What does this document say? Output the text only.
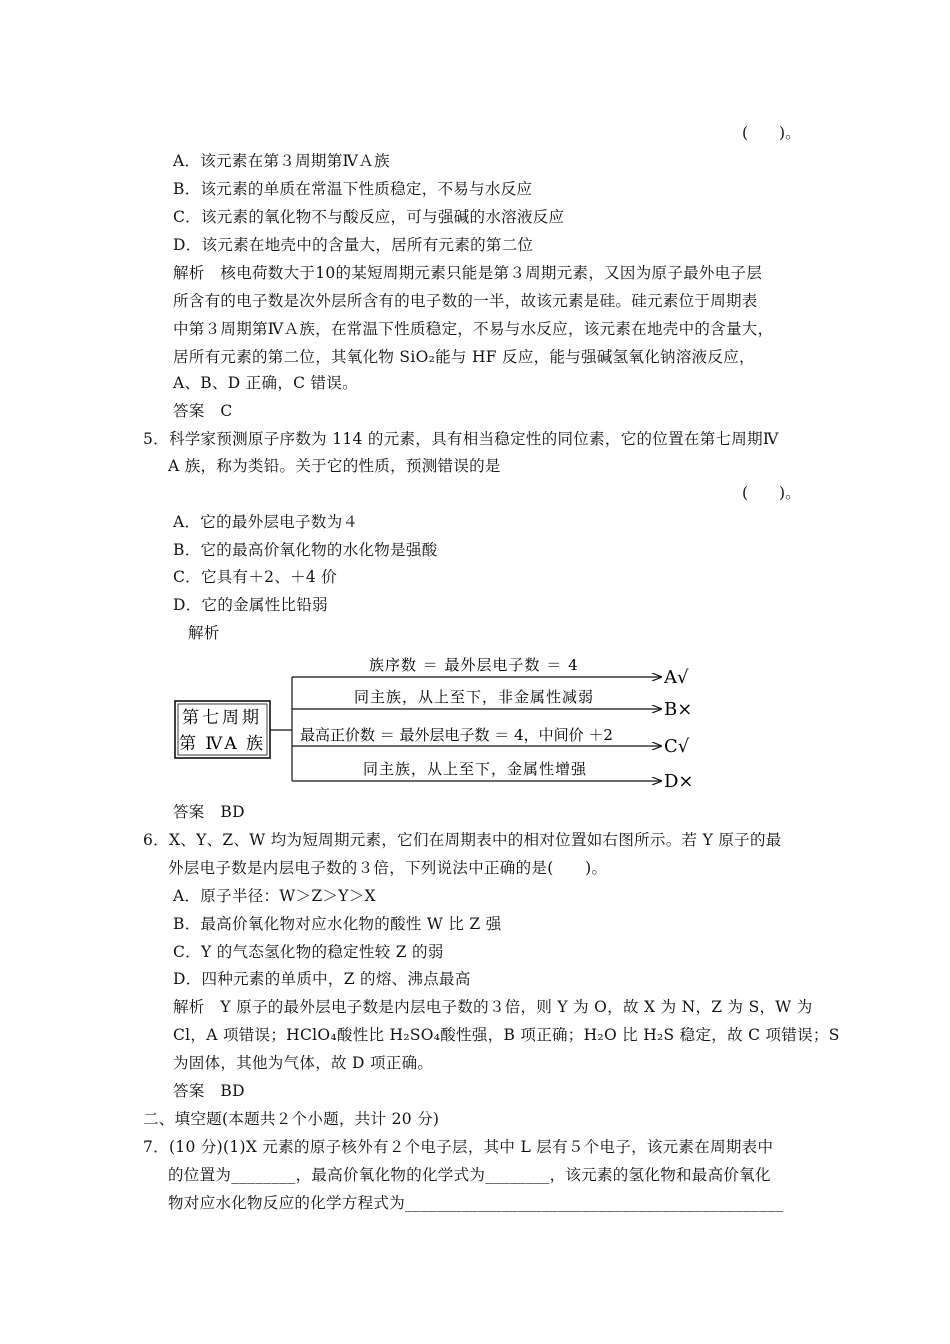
(　　)。
A．该元素在第３周期第ⅣＡ族
B．该元素的单质在常温下性质稳定，不易与水反应
C．该元素的氧化物不与酸反应，可与强碱的水溶液反应
D．该元素在地壳中的含量大，居所有元素的第二位
解析　核电荷数大于10的某短周期元素只能是第３周期元素，又因为原子最外电子层
所含有的电子数是次外层所含有的电子数的一半，故该元素是硅。硅元素位于周期表
中第３周期第ⅣＡ族，在常温下性质稳定，不易与水反应，该元素在地壳中的含量大，
居所有元素的第二位，其氧化物 SiO₂能与 HF 反应，能与强碱氢氧化钠溶液反应，
A、B、D 正确，C 错误。
答案　C
5．科学家预测原子序数为 114 的元素，具有相当稳定性的同位素，它的位置在第七周期Ⅳ
A 族，称为类铅。关于它的性质，预测错误的是
(　　)。
A．它的最外层电子数为４
B．它的最高价氧化物的水化物是强酸
C．它具有＋2、＋4 价
D．它的金属性比铅弱
解析
第七周期
第 ⅣA 族
族序数 ＝ 最外层电子数 ＝ 4
同主族，从上至下，非金属性减弱
最高正价数 ＝ 最外层电子数 ＝ 4，中间价 ＋2
同主族，从上至下，金属性增强
A√
B×
C√
D×
答案　BD
6．X、Y、Z、W 均为短周期元素，它们在周期表中的相对位置如右图所示。若 Y 原子的最
外层电子数是内层电子数的３倍，下列说法中正确的是(　　)。
A．原子半径：W＞Z＞Y＞X
B．最高价氧化物对应水化物的酸性 W 比 Z 强
C．Y 的气态氢化物的稳定性较 Z 的弱
D．四种元素的单质中，Z 的熔、沸点最高
解析　Y 原子的最外层电子数是内层电子数的３倍，则 Y 为 O，故 X 为 N，Z 为 S，W 为
Cl，A 项错误；HClO₄酸性比 H₂SO₄酸性强，B 项正确；H₂O 比 H₂S 稳定，故 C 项错误；S
为固体，其他为气体，故 D 项正确。
答案　BD
二、填空题(本题共２个小题，共计 20 分)
7．(10 分)(1)X 元素的原子核外有２个电子层，其中 L 层有５个电子，该元素在周期表中
的位置为________，最高价氧化物的化学式为________，该元素的氢化物和最高价氧化
物对应水化物反应的化学方程式为_______________________________________________
